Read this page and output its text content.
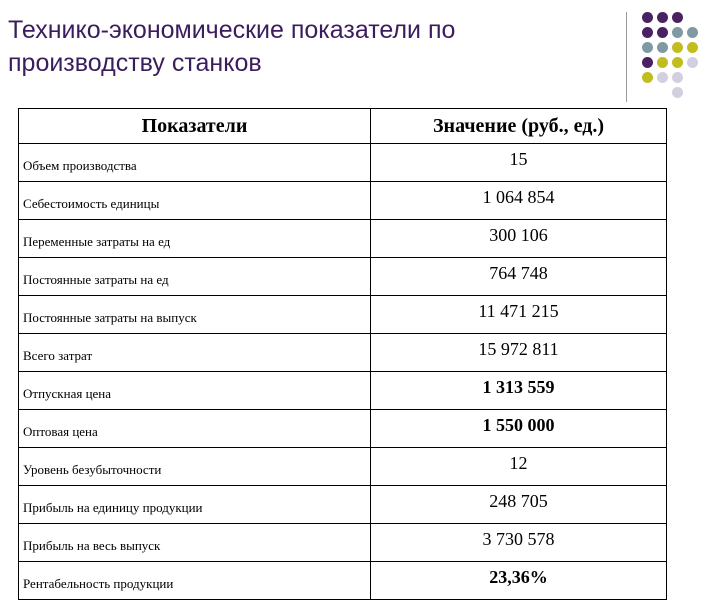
Технико-экономические показатели по
производству станков
Показатели	Значение (руб., ед.)
Объем производства	15
Себестоимость единицы	1 064 854
Переменные затраты на ед	300 106
Постоянные затраты на ед	764 748
Постоянные затраты на выпуск	11 471 215
Всего затрат	15 972 811
Отпускная цена	1 313 559
Оптовая цена	1 550 000
Уровень безубыточности	12
Прибыль на единицу продукции	248 705
Прибыль на весь выпуск	3 730 578
Рентабельность продукции	23,36%
